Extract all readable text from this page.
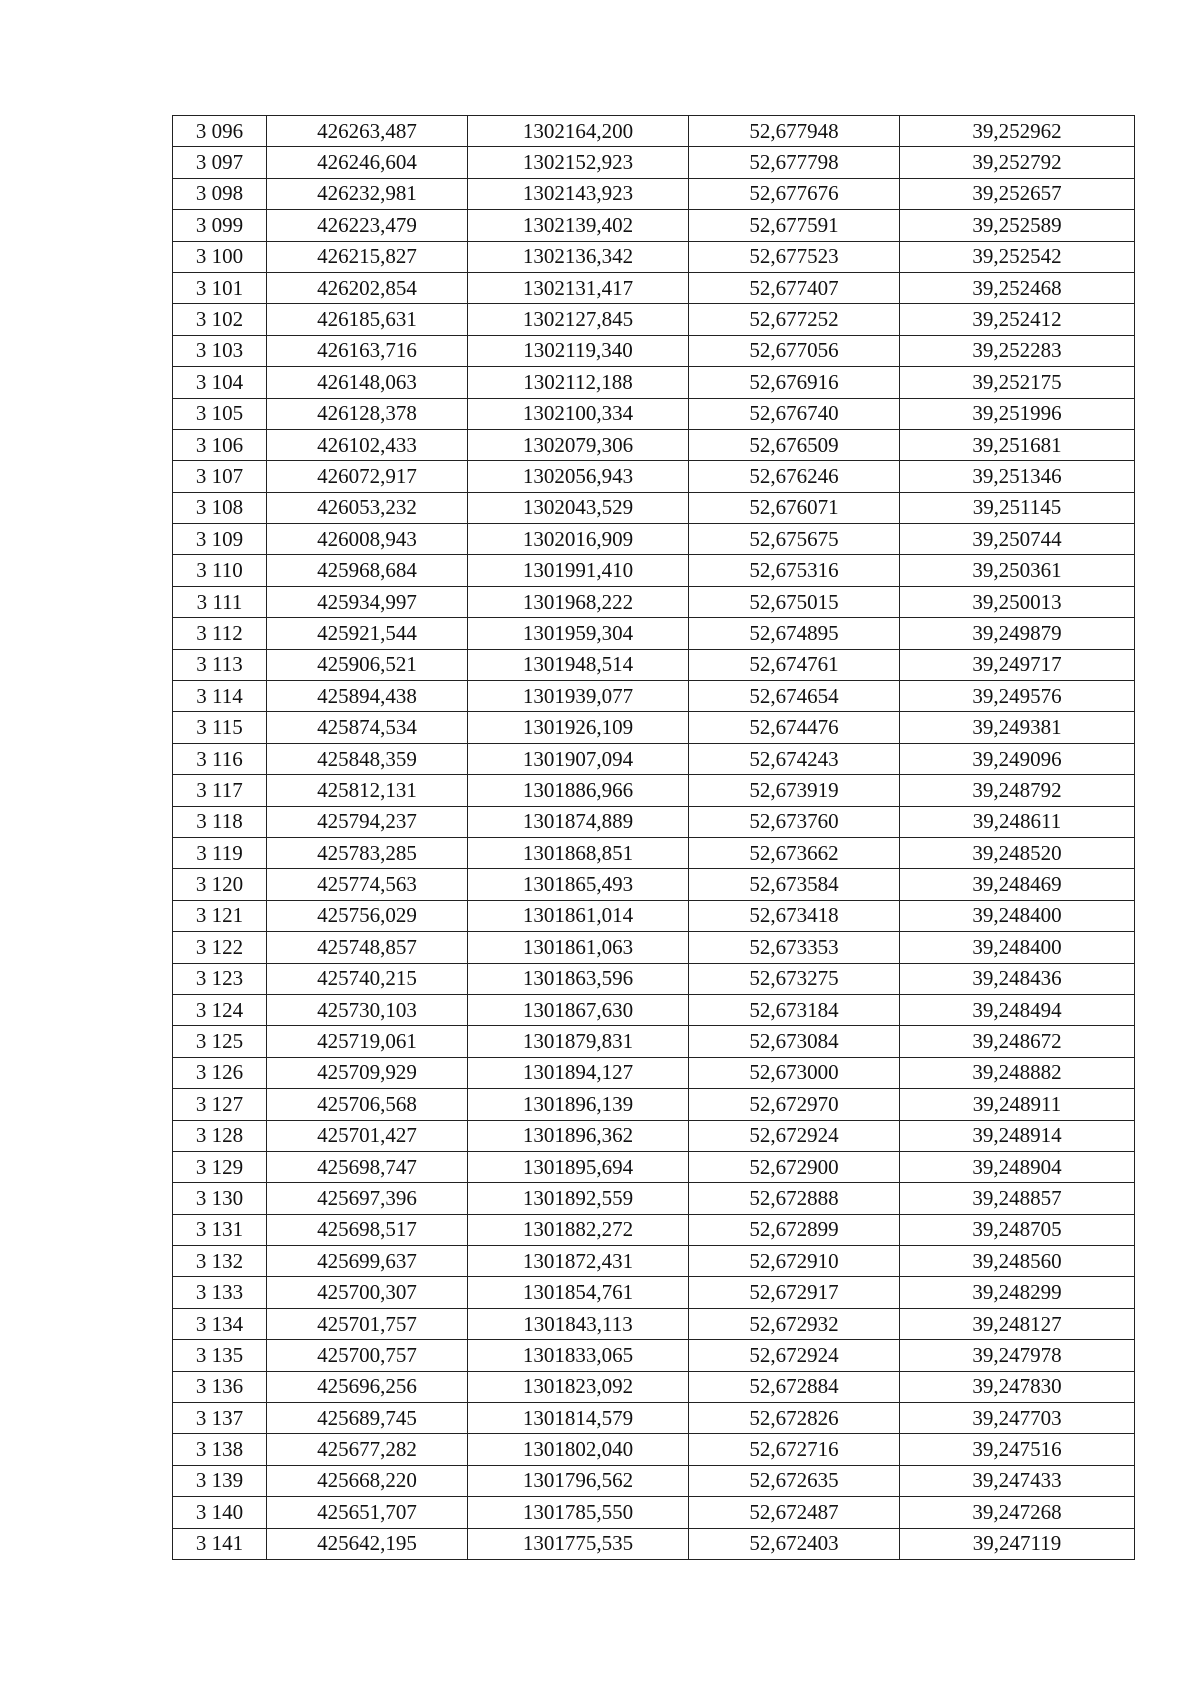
3 096	426263,487	1302164,200	52,677948	39,252962
3 097	426246,604	1302152,923	52,677798	39,252792
3 098	426232,981	1302143,923	52,677676	39,252657
3 099	426223,479	1302139,402	52,677591	39,252589
3 100	426215,827	1302136,342	52,677523	39,252542
3 101	426202,854	1302131,417	52,677407	39,252468
3 102	426185,631	1302127,845	52,677252	39,252412
3 103	426163,716	1302119,340	52,677056	39,252283
3 104	426148,063	1302112,188	52,676916	39,252175
3 105	426128,378	1302100,334	52,676740	39,251996
3 106	426102,433	1302079,306	52,676509	39,251681
3 107	426072,917	1302056,943	52,676246	39,251346
3 108	426053,232	1302043,529	52,676071	39,251145
3 109	426008,943	1302016,909	52,675675	39,250744
3 110	425968,684	1301991,410	52,675316	39,250361
3 111	425934,997	1301968,222	52,675015	39,250013
3 112	425921,544	1301959,304	52,674895	39,249879
3 113	425906,521	1301948,514	52,674761	39,249717
3 114	425894,438	1301939,077	52,674654	39,249576
3 115	425874,534	1301926,109	52,674476	39,249381
3 116	425848,359	1301907,094	52,674243	39,249096
3 117	425812,131	1301886,966	52,673919	39,248792
3 118	425794,237	1301874,889	52,673760	39,248611
3 119	425783,285	1301868,851	52,673662	39,248520
3 120	425774,563	1301865,493	52,673584	39,248469
3 121	425756,029	1301861,014	52,673418	39,248400
3 122	425748,857	1301861,063	52,673353	39,248400
3 123	425740,215	1301863,596	52,673275	39,248436
3 124	425730,103	1301867,630	52,673184	39,248494
3 125	425719,061	1301879,831	52,673084	39,248672
3 126	425709,929	1301894,127	52,673000	39,248882
3 127	425706,568	1301896,139	52,672970	39,248911
3 128	425701,427	1301896,362	52,672924	39,248914
3 129	425698,747	1301895,694	52,672900	39,248904
3 130	425697,396	1301892,559	52,672888	39,248857
3 131	425698,517	1301882,272	52,672899	39,248705
3 132	425699,637	1301872,431	52,672910	39,248560
3 133	425700,307	1301854,761	52,672917	39,248299
3 134	425701,757	1301843,113	52,672932	39,248127
3 135	425700,757	1301833,065	52,672924	39,247978
3 136	425696,256	1301823,092	52,672884	39,247830
3 137	425689,745	1301814,579	52,672826	39,247703
3 138	425677,282	1301802,040	52,672716	39,247516
3 139	425668,220	1301796,562	52,672635	39,247433
3 140	425651,707	1301785,550	52,672487	39,247268
3 141	425642,195	1301775,535	52,672403	39,247119
